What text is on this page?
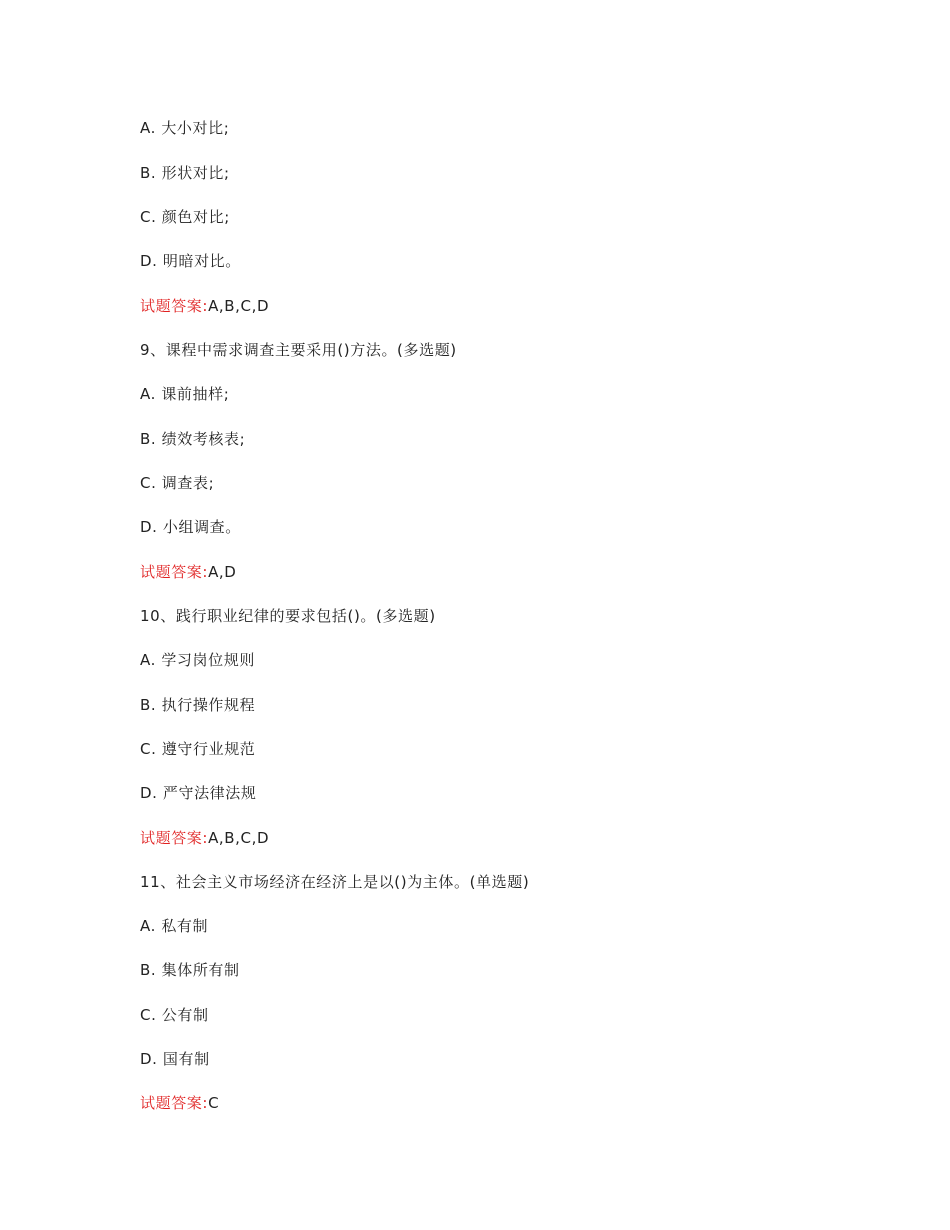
A. 大小对比;
B. 形状对比;
C. 颜色对比;
D. 明暗对比。
试题答案:A,B,C,D
9、课程中需求调查主要采用()方法。(多选题)
A. 课前抽样;
B. 绩效考核表;
C. 调查表;
D. 小组调查。
试题答案:A,D
10、践行职业纪律的要求包括()。(多选题)
A. 学习岗位规则
B. 执行操作规程
C. 遵守行业规范
D. 严守法律法规
试题答案:A,B,C,D
11、社会主义市场经济在经济上是以()为主体。(单选题)
A. 私有制
B. 集体所有制
C. 公有制
D. 国有制
试题答案:C
